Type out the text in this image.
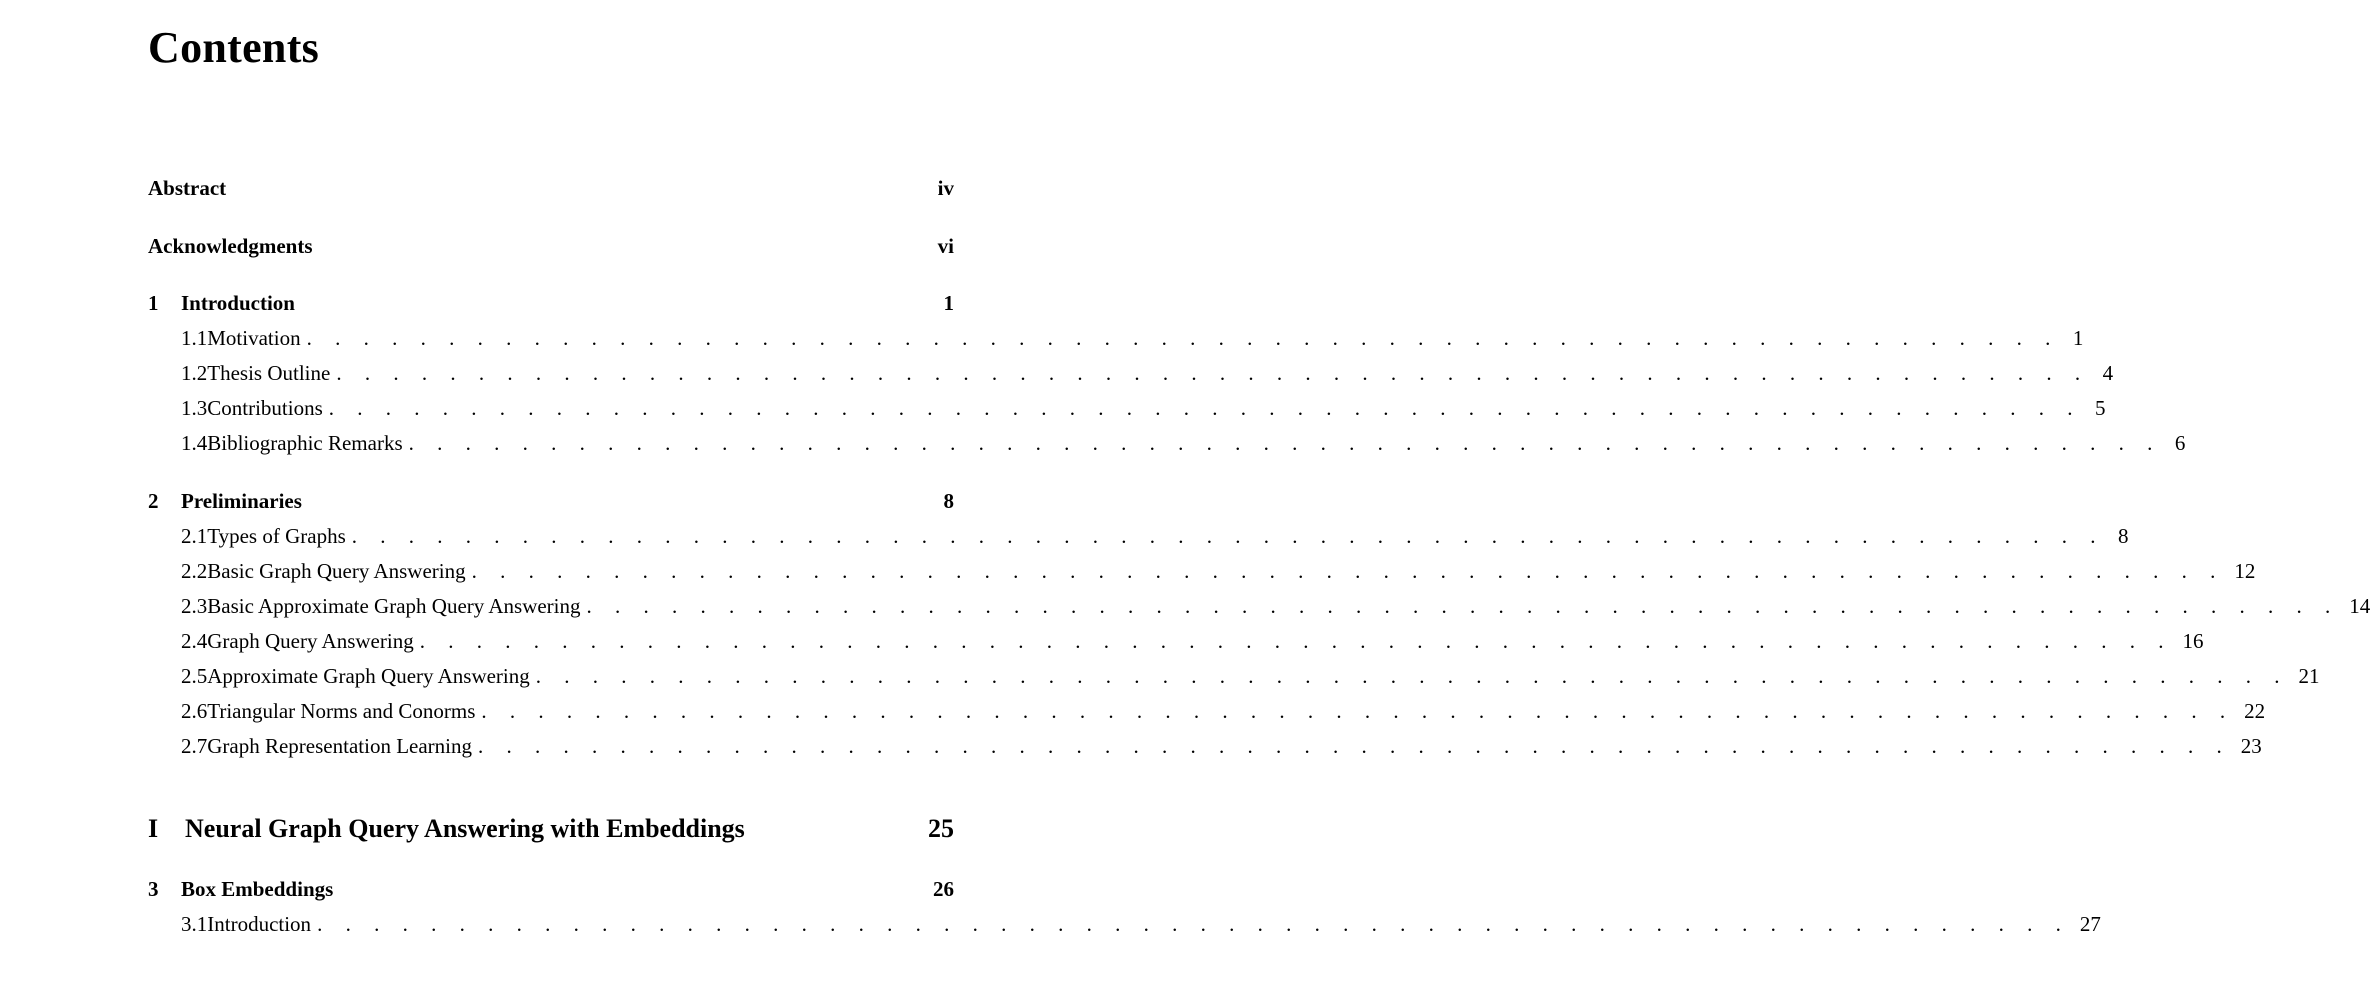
Contents
Abstract	iv
Acknowledgments	vi
1	Introduction	1
1.1 Motivation . . . . . . . . . . . . . . . . . . . . . . . . . . . . . . . . . . . . . . . . . . . . . . . . . . . . . . . . . . . . . . 1
1.2 Thesis Outline . . . . . . . . . . . . . . . . . . . . . . . . . . . . . . . . . . . . . . . . . . . . . . . . . . . . . . . . . . . . . . 4
1.3 Contributions . . . . . . . . . . . . . . . . . . . . . . . . . . . . . . . . . . . . . . . . . . . . . . . . . . . . . . . . . . . . . . 5
1.4 Bibliographic Remarks . . . . . . . . . . . . . . . . . . . . . . . . . . . . . . . . . . . . . . . . . . . . . . . . . . . . . . . . . . . . . . 6
2	Preliminaries	8
2.1 Types of Graphs . . . . . . . . . . . . . . . . . . . . . . . . . . . . . . . . . . . . . . . . . . . . . . . . . . . . . . . . . . . . . . 8
2.2 Basic Graph Query Answering . . . . . . . . . . . . . . . . . . . . . . . . . . . . . . . . . . . . . . . . . . . . . . . . . . . . . . . . . . . . . . 12
2.3 Basic Approximate Graph Query Answering . . . . . . . . . . . . . . . . . . . . . . . . . . . . . . . . . . . . . . . . . . . . . . . . . . . . . . . . . . . . . . 14
2.4 Graph Query Answering . . . . . . . . . . . . . . . . . . . . . . . . . . . . . . . . . . . . . . . . . . . . . . . . . . . . . . . . . . . . . . 16
2.5 Approximate Graph Query Answering . . . . . . . . . . . . . . . . . . . . . . . . . . . . . . . . . . . . . . . . . . . . . . . . . . . . . . . . . . . . . . 21
2.6 Triangular Norms and Conorms . . . . . . . . . . . . . . . . . . . . . . . . . . . . . . . . . . . . . . . . . . . . . . . . . . . . . . . . . . . . . . 22
2.7 Graph Representation Learning . . . . . . . . . . . . . . . . . . . . . . . . . . . . . . . . . . . . . . . . . . . . . . . . . . . . . . . . . . . . . . 23
I	Neural Graph Query Answering with Embeddings	25
3	Box Embeddings	26
3.1 Introduction . . . . . . . . . . . . . . . . . . . . . . . . . . . . . . . . . . . . . . . . . . . . . . . . . . . . . . . . . . . . . . 27
